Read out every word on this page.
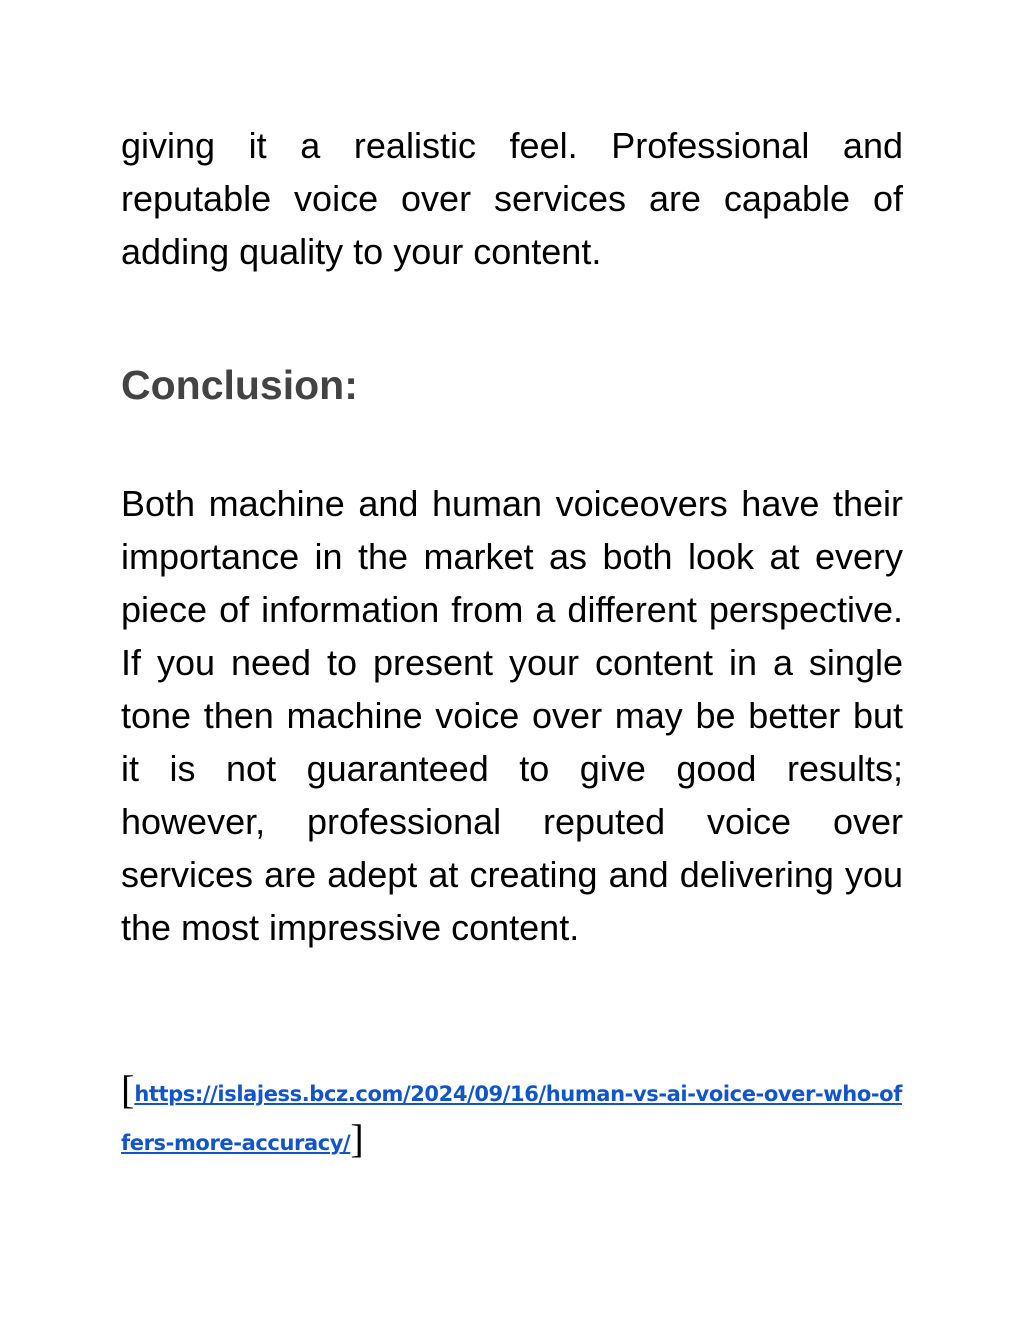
giving it a realistic feel. Professional and reputable voice over services are capable of adding quality to your content.

Conclusion:

Both machine and human voiceovers have their importance in the market as both look at every piece of information from a different perspective. If you need to present your content in a single tone then machine voice over may be better but it is not guaranteed to give good results; however, professional reputed voice over services are adept at creating and delivering you the most impressive content.

[https://islajess.bcz.com/2024/09/16/human-vs-ai-voice-over-who-offers-more-accuracy/]
